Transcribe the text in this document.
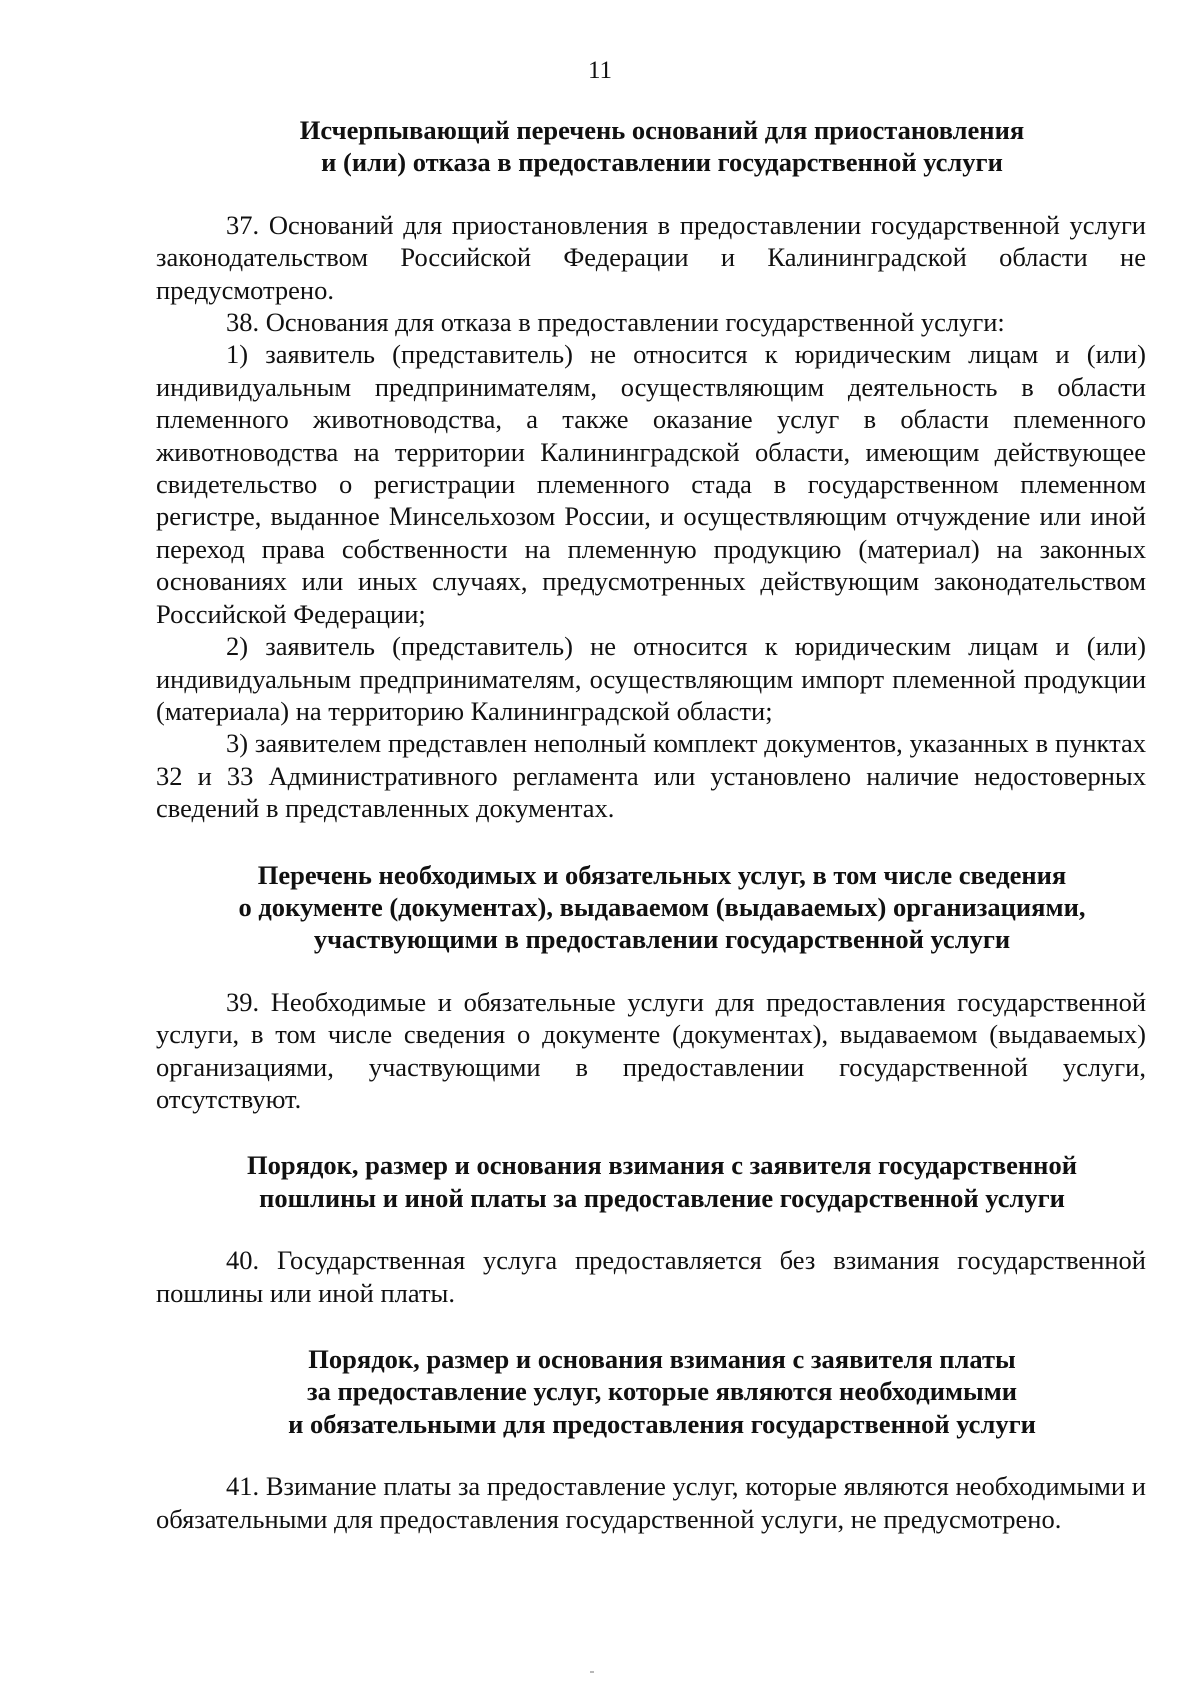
11
Исчерпывающий перечень оснований для приостановления
и (или) отказа в предоставлении государственной услуги

37. Оснований для приостановления в предоставлении государственной услуги законодательством Российской Федерации и Калининградской области не предусмотрено.

38. Основания для отказа в предоставлении государственной услуги:

1) заявитель (представитель) не относится к юридическим лицам и (или) индивидуальным предпринимателям, осуществляющим деятельность в области племенного животноводства, а также оказание услуг в области племенного животноводства на территории Калининградской области, имеющим действующее свидетельство о регистрации племенного стада в государственном племенном регистре, выданное Минсельхозом России, и осуществляющим отчуждение или иной переход права собственности на племенную продукцию (материал) на законных основаниях или иных случаях, предусмотренных действующим законодательством Российской Федерации;

2) заявитель (представитель) не относится к юридическим лицам и (или) индивидуальным предпринимателям, осуществляющим импорт племенной продукции (материала) на территорию Калининградской области;

3) заявителем представлен неполный комплект документов, указанных в пунктах 32 и 33 Административного регламента или установлено наличие недостоверных сведений в представленных документах.

Перечень необходимых и обязательных услуг, в том числе сведения
о документе (документах), выдаваемом (выдаваемых) организациями,
участвующими в предоставлении государственной услуги

39. Необходимые и обязательные услуги для предоставления государственной услуги, в том числе сведения о документе (документах), выдаваемом (выдаваемых) организациями, участвующими в предоставлении государственной услуги, отсутствуют.

Порядок, размер и основания взимания с заявителя государственной
пошлины и иной платы за предоставление государственной услуги

40. Государственная услуга предоставляется без взимания государственной пошлины или иной платы.

Порядок, размер и основания взимания с заявителя платы
за предоставление услуг, которые являются необходимыми
и обязательными для предоставления государственной услуги

41. Взимание платы за предоставление услуг, которые являются необходимыми и обязательными для предоставления государственной услуги, не предусмотрено.
